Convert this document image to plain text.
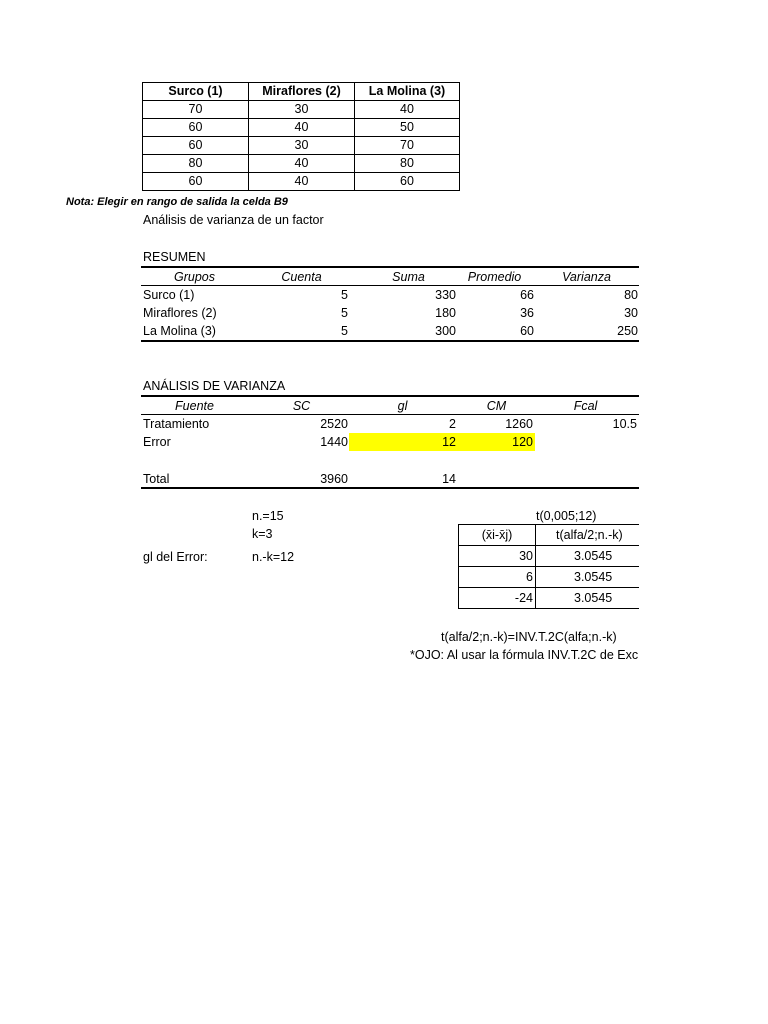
Surco (1)	Miraflores (2)	La Molina (3)
70	30	40
60	40	50
60	30	70
80	40	80
60	40	60
Nota: Elegir en rango de salida la celda B9
Análisis de varianza de un factor
RESUMEN
Grupos	Cuenta	Suma	Promedio	Varianza
Surco (1)	5	330	66	80
Miraflores (2)	5	180	36	30
La Molina (3)	5	300	60	250
ANÁLISIS DE VARIANZA
Fuente	SC	gl	CM	Fcal
Tratamiento	2520	2	1260	10.5
Error	1440	12	120
Total	3960	14
n.=15
k=3
gl del Error:	n.-k=12
t(0,005;12)
(x̄i-x̄j)	t(alfa/2;n.-k)
30	3.0545
6	3.0545
-24	3.0545
t(alfa/2;n.-k)=INV.T.2C(alfa;n.-k)
*OJO: Al usar la fórmula INV.T.2C de Exc
